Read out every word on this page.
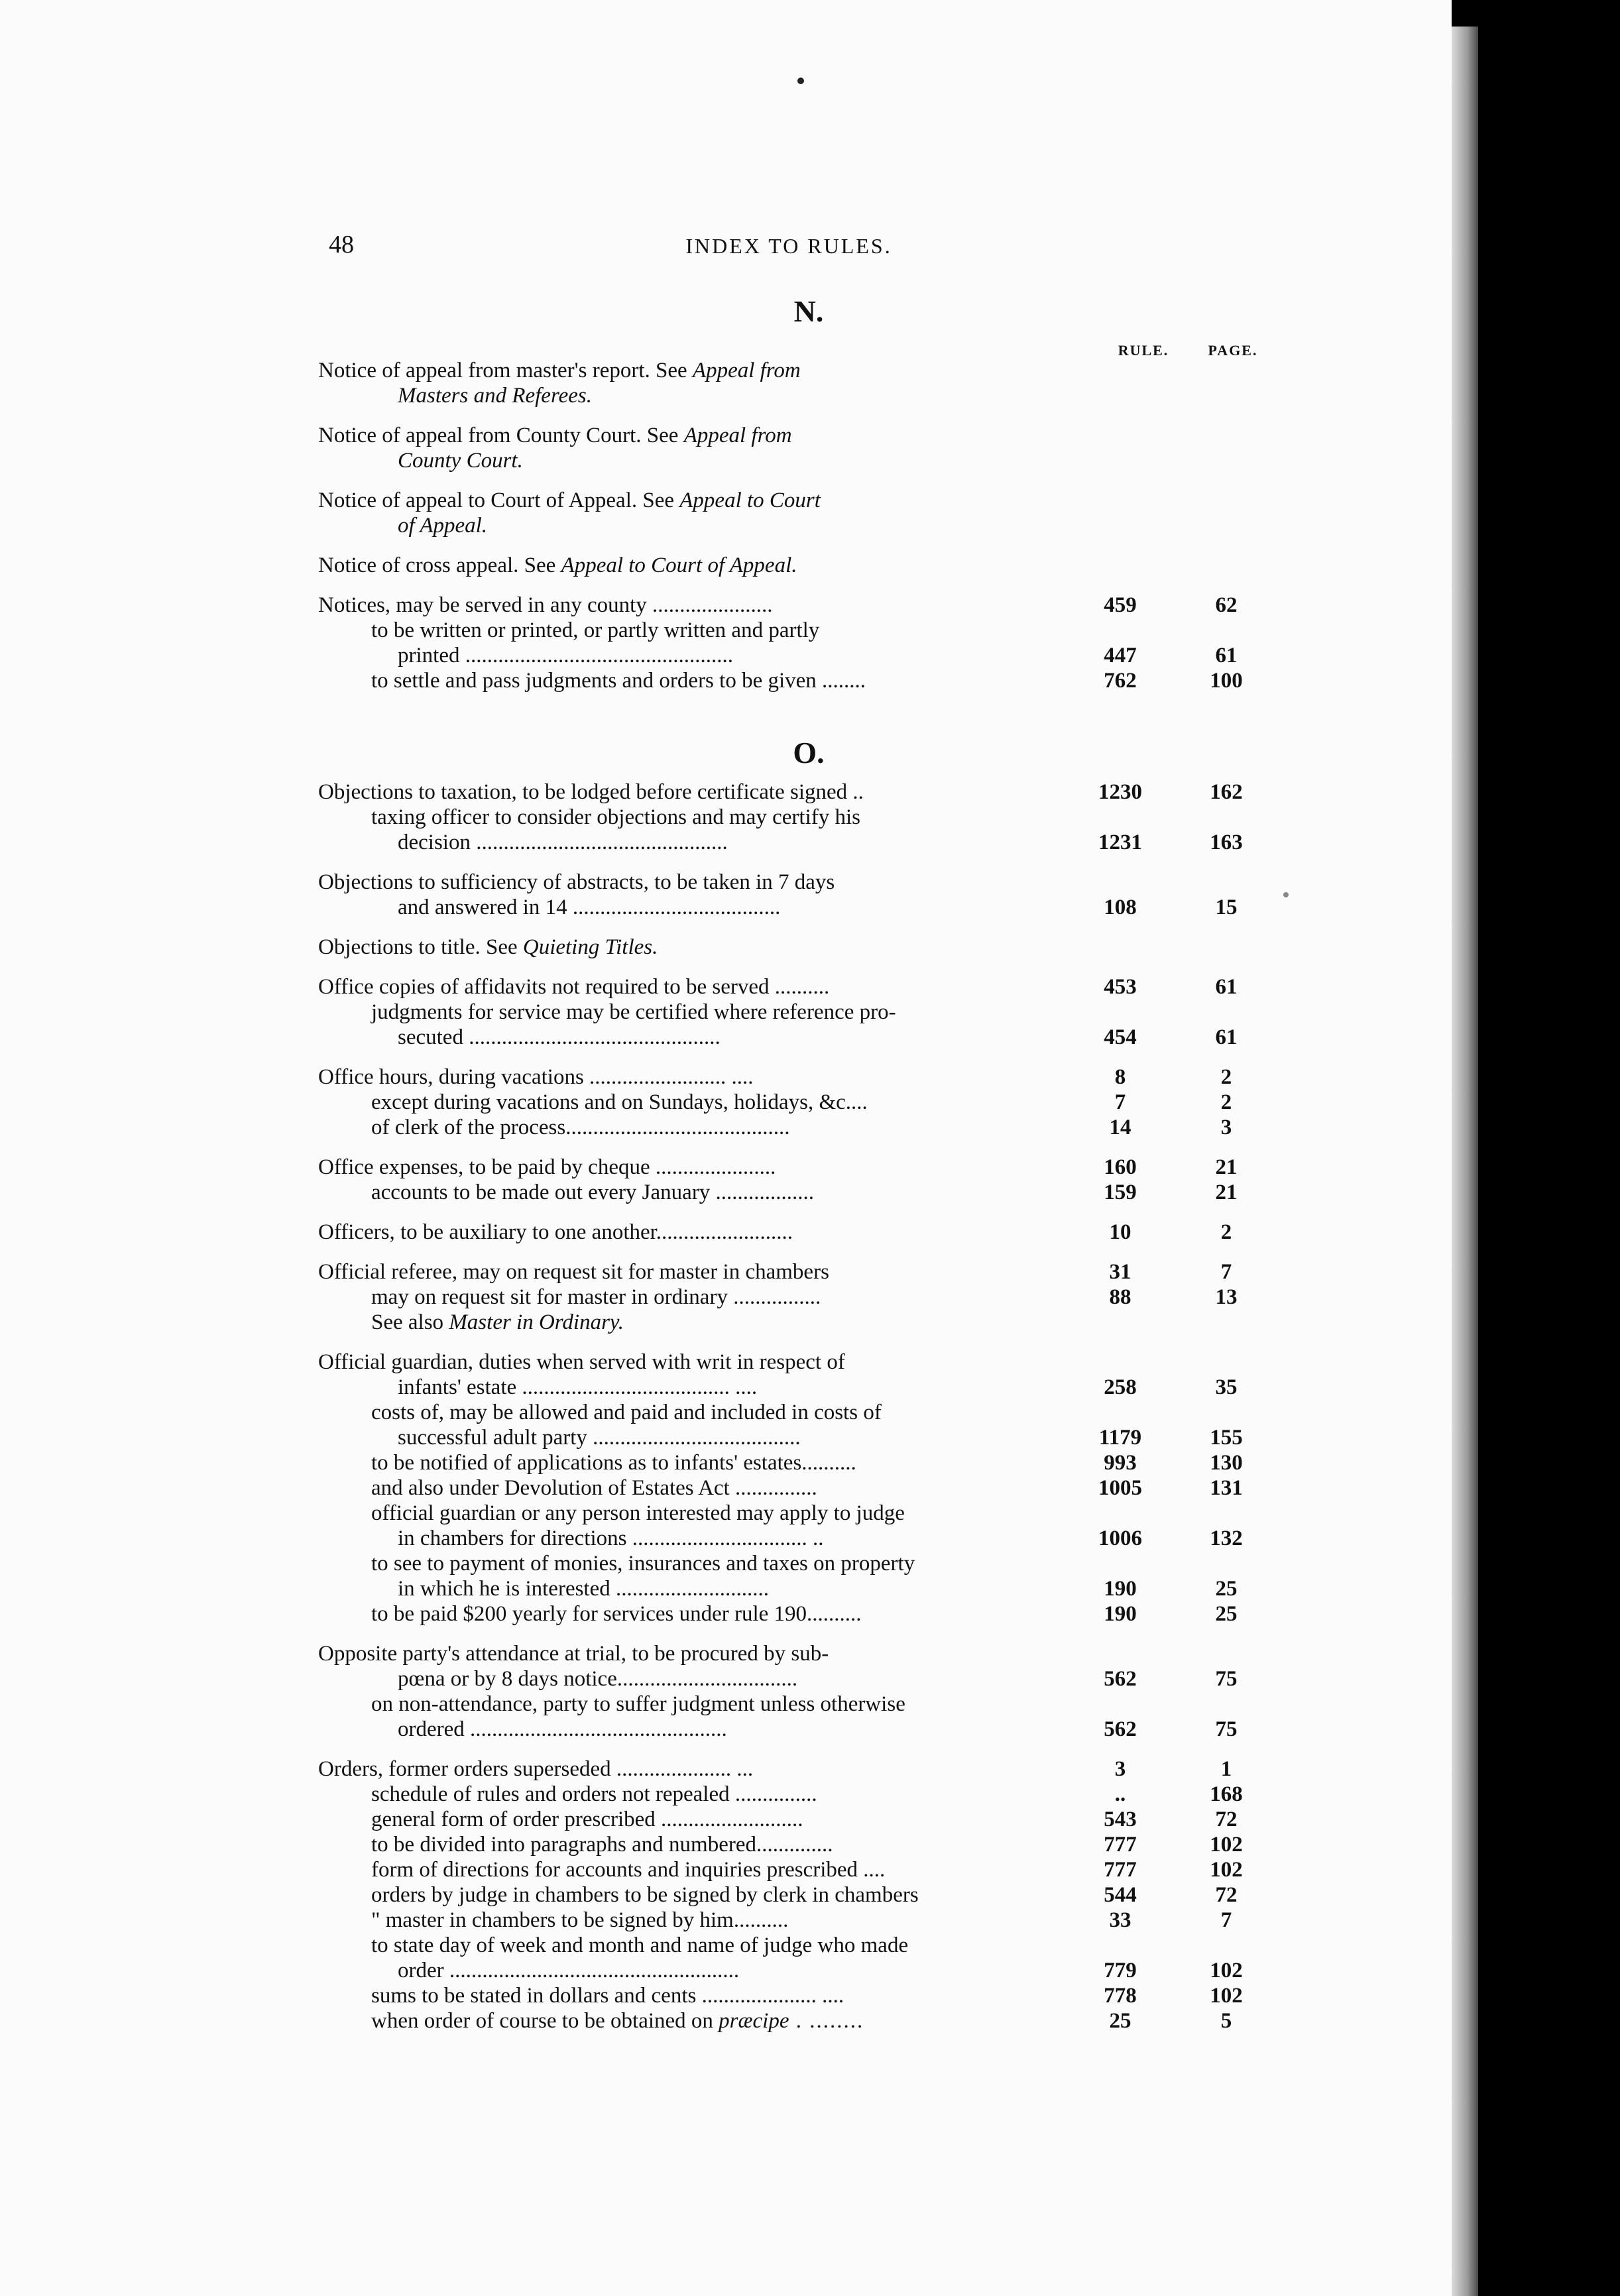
48	INDEX TO RULES.
N.
RULE.	PAGE.
Notice of appeal from master's report. See Appeal from
Masters and Referees.
Notice of appeal from County Court. See Appeal from
County Court.
Notice of appeal to Court of Appeal. See Appeal to Court
of Appeal.
Notice of cross appeal. See Appeal to Court of Appeal.
Notices, may be served in any county ......................	459	62
to be written or printed, or partly written and partly
printed .................................................	447	61
to settle and pass judgments and orders to be given ........	762	100
O.
Objections to taxation, to be lodged before certificate signed ..	1230	162
taxing officer to consider objections and may certify his
decision ..............................................	1231	163
Objections to sufficiency of abstracts, to be taken in 7 days
and answered in 14 ......................................	108	15
Objections to title. See Quieting Titles.
Office copies of affidavits not required to be served ..........	453	61
judgments for service may be certified where reference pro-
secuted ..............................................	454	61
Office hours, during vacations ......................... ....	8	2
except during vacations and on Sundays, holidays, &c....	7	2
of clerk of the process.........................................	14	3
Office expenses, to be paid by cheque ......................	160	21
accounts to be made out every January ..................	159	21
Officers, to be auxiliary to one another.........................	10	2
Official referee, may on request sit for master in chambers	31	7
may on request sit for master in ordinary ................	88	13
See also Master in Ordinary.
Official guardian, duties when served with writ in respect of
infants' estate ...................................... ....	258	35
costs of, may be allowed and paid and included in costs of
successful adult party ......................................	1179	155
to be notified of applications as to infants' estates..........	993	130
and also under Devolution of Estates Act ...............	1005	131
official guardian or any person interested may apply to judge
in chambers for directions ................................ ..	1006	132
to see to payment of monies, insurances and taxes on property
in which he is interested ............................	190	25
to be paid $200 yearly for services under rule 190..........	190	25
Opposite party's attendance at trial, to be procured by sub-
pœna or by 8 days notice.................................	562	75
on non-attendance, party to suffer judgment unless otherwise
ordered ...............................................	562	75
Orders, former orders superseded ..................... ...	3	1
schedule of rules and orders not repealed ...............	..	168
general form of order prescribed ..........................	543	72
to be divided into paragraphs and numbered..............	777	102
form of directions for accounts and inquiries prescribed ....	777	102
orders by judge in chambers to be signed by clerk in chambers	544	72
" master in chambers to be signed by him..........	33	7
to state day of week and month and name of judge who made
order .....................................................	779	102
sums to be stated in dollars and cents ..................... ....	778	102
when order of course to be obtained on præcipe . ........	25	5
